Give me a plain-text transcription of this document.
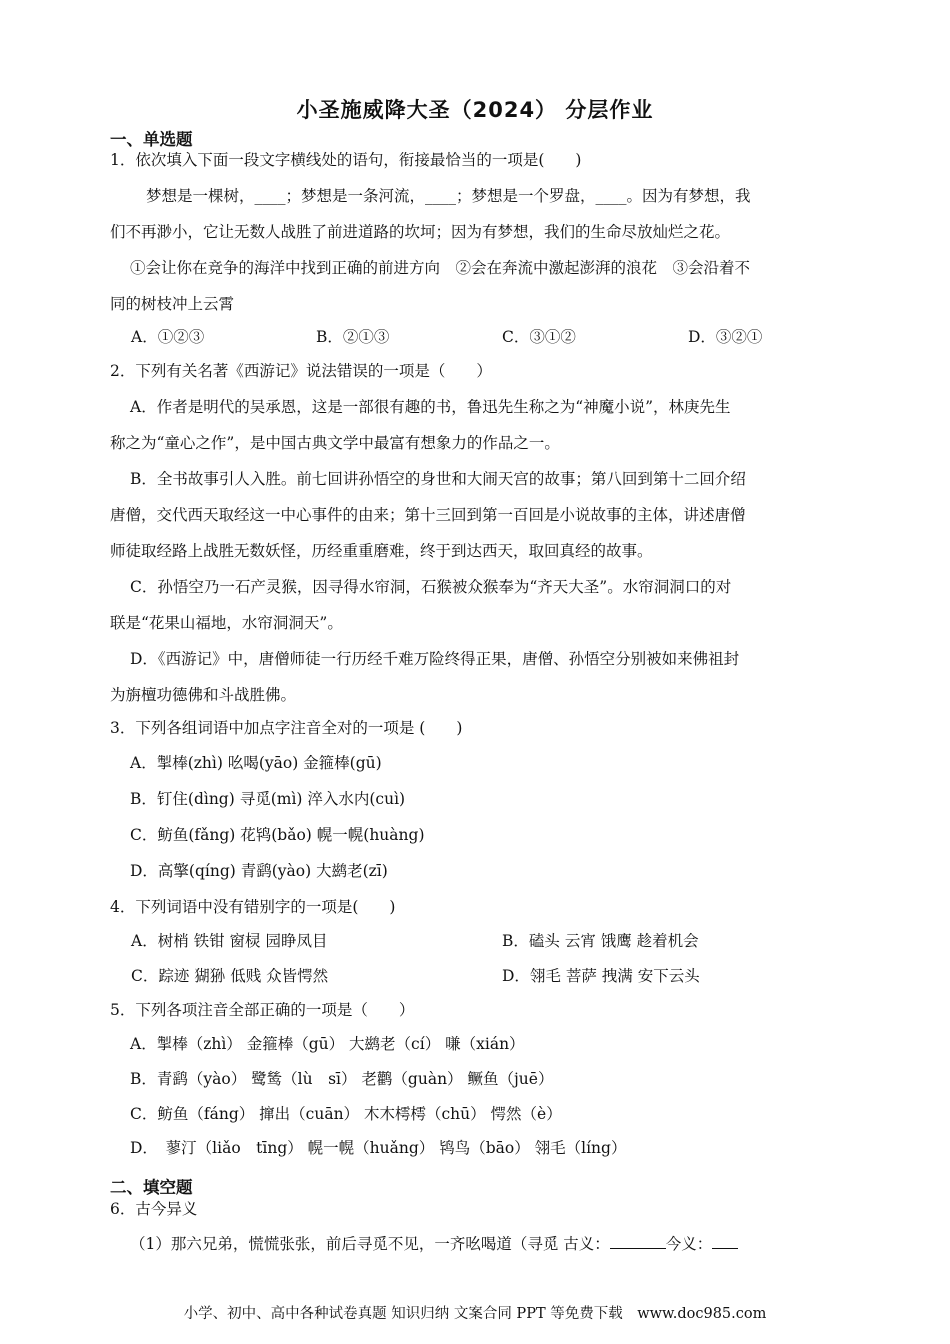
小圣施威降大圣（2024） 分层作业
一、单选题
1．依次填入下面一段文字横线处的语句，衔接最恰当的一项是(　　)
梦想是一棵树，____；梦想是一条河流，____；梦想是一个罗盘，____。因为有梦想，我
们不再渺小，它让无数人战胜了前进道路的坎坷；因为有梦想，我们的生命尽放灿烂之花。
①会让你在竞争的海洋中找到正确的前进方向　②会在奔流中激起澎湃的浪花　③会沿着不
同的树枝冲上云霄
A．①②③	B．②①③	C．③①②	D．③②①
2．下列有关名著《西游记》说法错误的一项是（　　）
A．作者是明代的吴承恩，这是一部很有趣的书，鲁迅先生称之为“神魔小说”，林庚先生
称之为“童心之作”，是中国古典文学中最富有想象力的作品之一。
B．全书故事引人入胜。前七回讲孙悟空的身世和大闹天宫的故事；第八回到第十二回介绍
唐僧，交代西天取经这一中心事件的由来；第十三回到第一百回是小说故事的主体，讲述唐僧
师徒取经路上战胜无数妖怪，历经重重磨难，终于到达西天，取回真经的故事。
C．孙悟空乃一石产灵猴，因寻得水帘洞，石猴被众猴奉为“齐天大圣”。水帘洞洞口的对
联是“花果山福地，水帘洞洞天”。
D．《西游记》中，唐僧师徒一行历经千难万险终得正果，唐僧、孙悟空分别被如来佛祖封
为旃檀功德佛和斗战胜佛。
3．下列各组词语中加点字注音全对的一项是 (　　)
A．掣棒(zhì) 吆喝(yāo) 金箍棒(gū)
B．钉住(dìng) 寻觅(mì) 淬入水内(cuì)
C．鲂鱼(fǎng) 花鸨(bǎo) 幌一幌(huàng)
D．高擎(qíng) 青鹞(yào) 大鹚老(zī)
4．下列词语中没有错别字的一项是(　　)
A．树梢 铁钳 窗棂 园睁凤目	B．磕头 云宵 饿鹰 趁着机会
C．踪迹 猢狲 低贱 众皆愕然	D．翎毛 菩萨 拽满 安下云头
5．下列各项注音全部正确的一项是（　　）
A．掣棒（zhì） 金箍棒（gū） 大鹚老（cí） 嗛（xián）
B．青鹞（yào） 鹭鸶（lù　sī） 老鹳（guàn） 鳜鱼（juē）
C．鲂鱼（fáng） 撺出（cuān） 木木樗樗（chū） 愕然（è）
D．　蓼汀（liǎo　tīng） 幌一幌（huǎng） 鸨鸟（bāo） 翎毛（líng）
二、填空题
6．古今异义
（1）那六兄弟，慌慌张张，前后寻觅不见，一齐吆喝道（寻觅 古义：	今义：
小学、初中、高中各种试卷真题 知识归纳 文案合同 PPT 等免费下载　www.doc985.com
